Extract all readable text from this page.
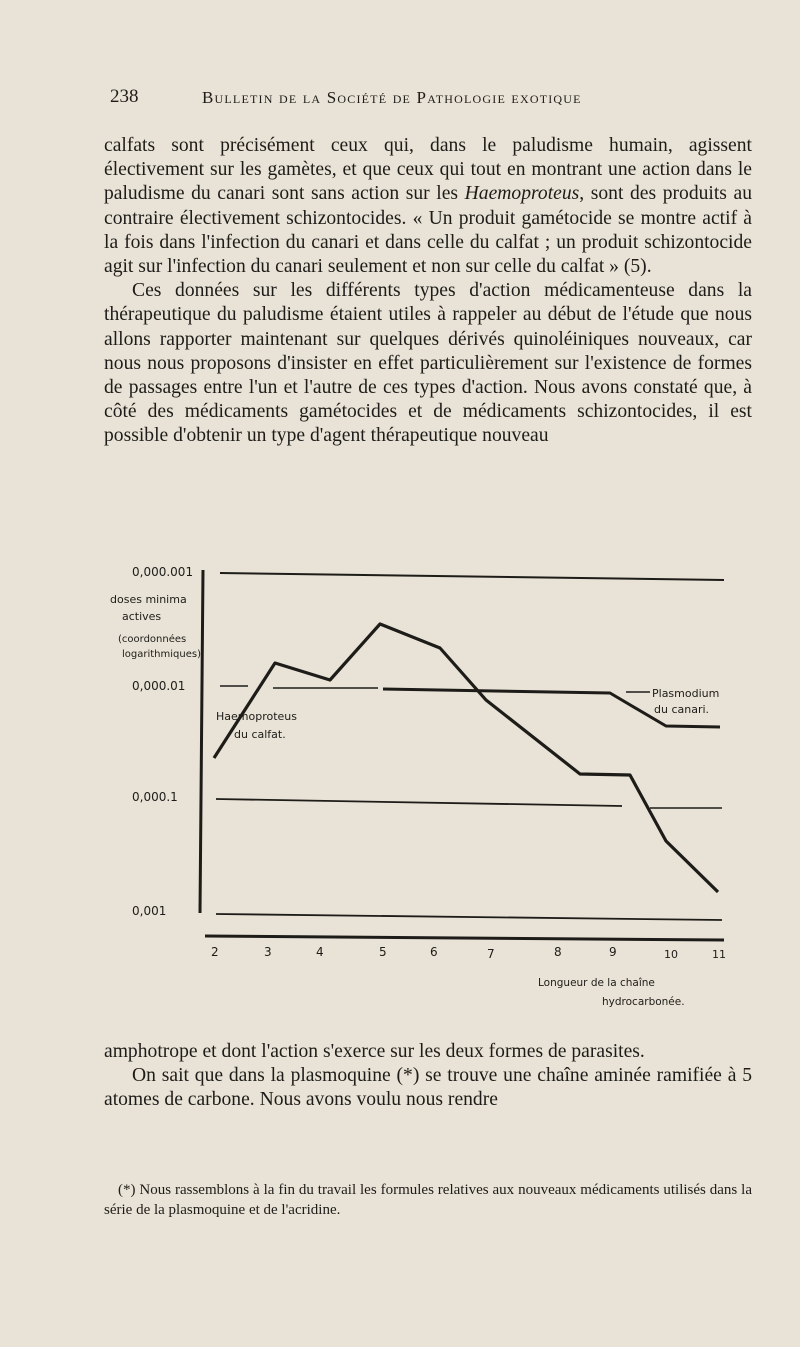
238	Bulletin de la Société de Pathologie exotique

calfats sont précisément ceux qui, dans le paludisme humain, agissent électivement sur les gamètes, et que ceux qui tout en montrant une action dans le paludisme du canari sont sans action sur les Haemoproteus, sont des produits au contraire électivement schizontocides. « Un produit gamétocide se montre actif à la fois dans l'infection du canari et dans celle du calfat ; un produit schizontocide agit sur l'infection du canari seulement et non sur celle du calfat » (5).

Ces données sur les différents types d'action médicamenteuse dans la thérapeutique du paludisme étaient utiles à rappeler au début de l'étude que nous allons rapporter maintenant sur quelques dérivés quinoléiniques nouveaux, car nous nous proposons d'insister en effet particulièrement sur l'existence de formes de passages entre l'un et l'autre de ces types d'action. Nous avons constaté que, à côté des médicaments gamétocides et de médicaments schizontocides, il est possible d'obtenir un type d'agent thérapeutique nouveau

0,000.001
0,000.01
0,000.1
0,001
doses minima
actives
(coordonnées
logarithmiques)
Haemoproteus
du calfat.
Plasmodium
du canari.
2	3	4	5	6	7	8	9	10	11
Longueur de la chaîne
hydrocarbonée.

amphotrope et dont l'action s'exerce sur les deux formes de parasites.

On sait que dans la plasmoquine (*) se trouve une chaîne aminée ramifiée à 5 atomes de carbone. Nous avons voulu nous rendre

(*) Nous rassemblons à la fin du travail les formules relatives aux nouveaux médicaments utilisés dans la série de la plasmoquine et de l'acridine.
